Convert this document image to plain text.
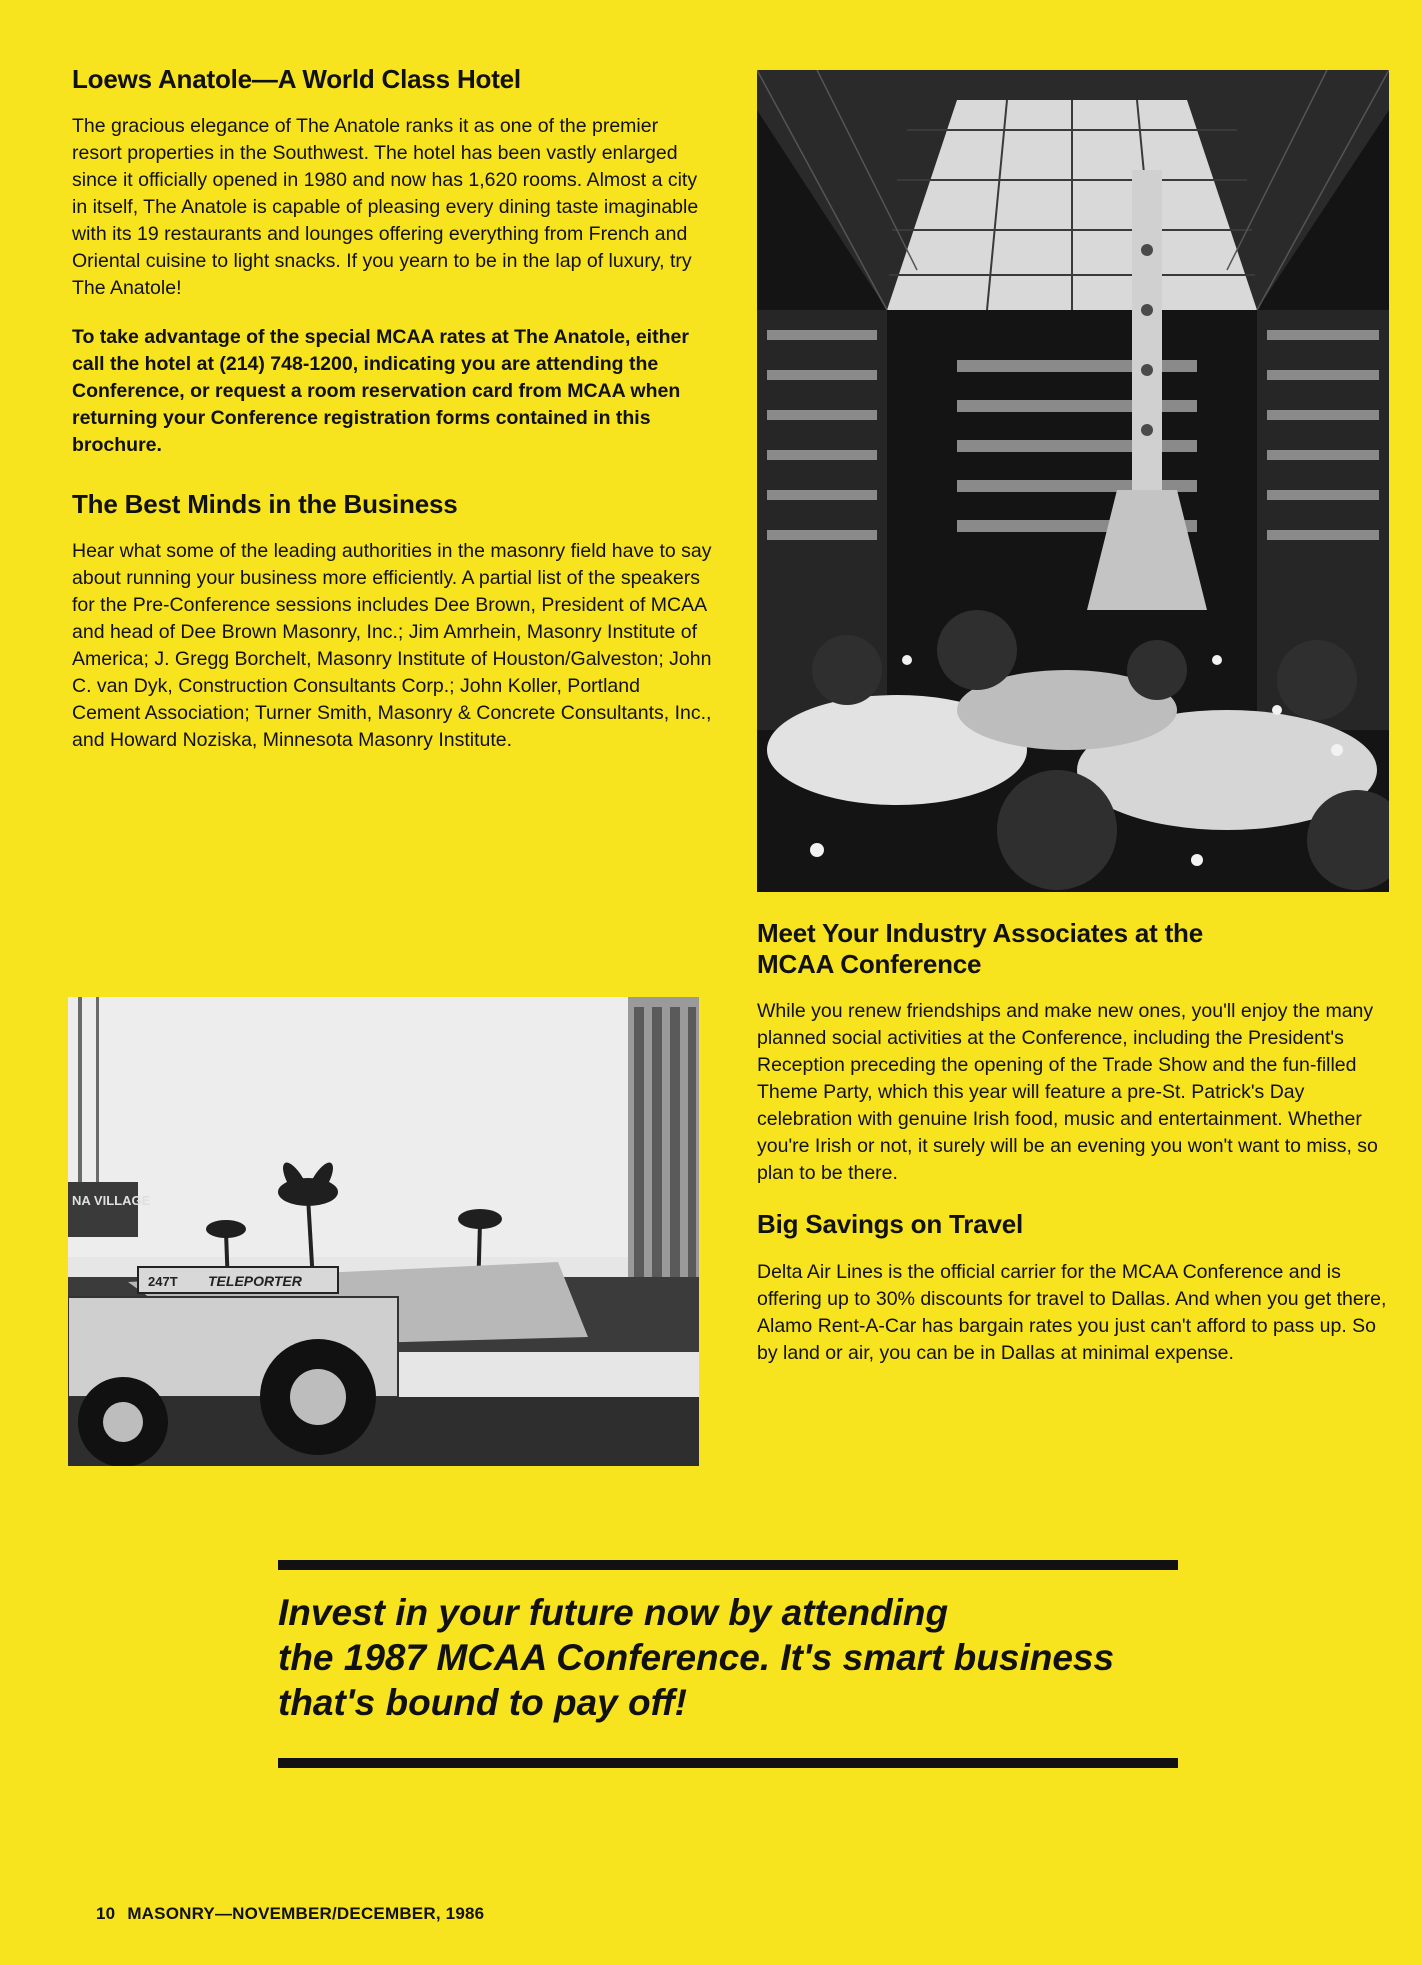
Loews Anatole—A World Class Hotel

The gracious elegance of The Anatole ranks it as one of the premier resort properties in the Southwest. The hotel has been vastly enlarged since it officially opened in 1980 and now has 1,620 rooms. Almost a city in itself, The Anatole is capable of pleasing every dining taste imaginable with its 19 restaurants and lounges offering everything from French and Oriental cuisine to light snacks. If you yearn to be in the lap of luxury, try The Anatole!

To take advantage of the special MCAA rates at The Anatole, either call the hotel at (214) 748-1200, indicating you are attending the Conference, or request a room reservation card from MCAA when returning your Conference registration forms contained in this brochure.

The Best Minds in the Business

Hear what some of the leading authorities in the masonry field have to say about running your business more efficiently. A partial list of the speakers for the Pre-Conference sessions includes Dee Brown, President of MCAA and head of Dee Brown Masonry, Inc.; Jim Amrhein, Masonry Institute of America; J. Gregg Borchelt, Masonry Institute of Houston/Galveston; John C. van Dyk, Construction Consultants Corp.; John Koller, Portland Cement Association; Turner Smith, Masonry & Concrete Consultants, Inc., and Howard Noziska, Minnesota Masonry Institute.

NA VILLAGE
TELEPORTER
247T
Meet Your Industry Associates at the MCAA Conference

While you renew friendships and make new ones, you'll enjoy the many planned social activities at the Conference, including the President's Reception preceding the opening of the Trade Show and the fun-filled Theme Party, which this year will feature a pre-St. Patrick's Day celebration with genuine Irish food, music and entertainment. Whether you're Irish or not, it surely will be an evening you won't want to miss, so plan to be there.

Big Savings on Travel

Delta Air Lines is the official carrier for the MCAA Conference and is offering up to 30% discounts for travel to Dallas. And when you get there, Alamo Rent-A-Car has bargain rates you just can't afford to pass up. So by land or air, you can be in Dallas at minimal expense.

Invest in your future now by attending
the 1987 MCAA Conference. It's smart business
that's bound to pay off!
10 MASONRY—NOVEMBER/DECEMBER, 1986
